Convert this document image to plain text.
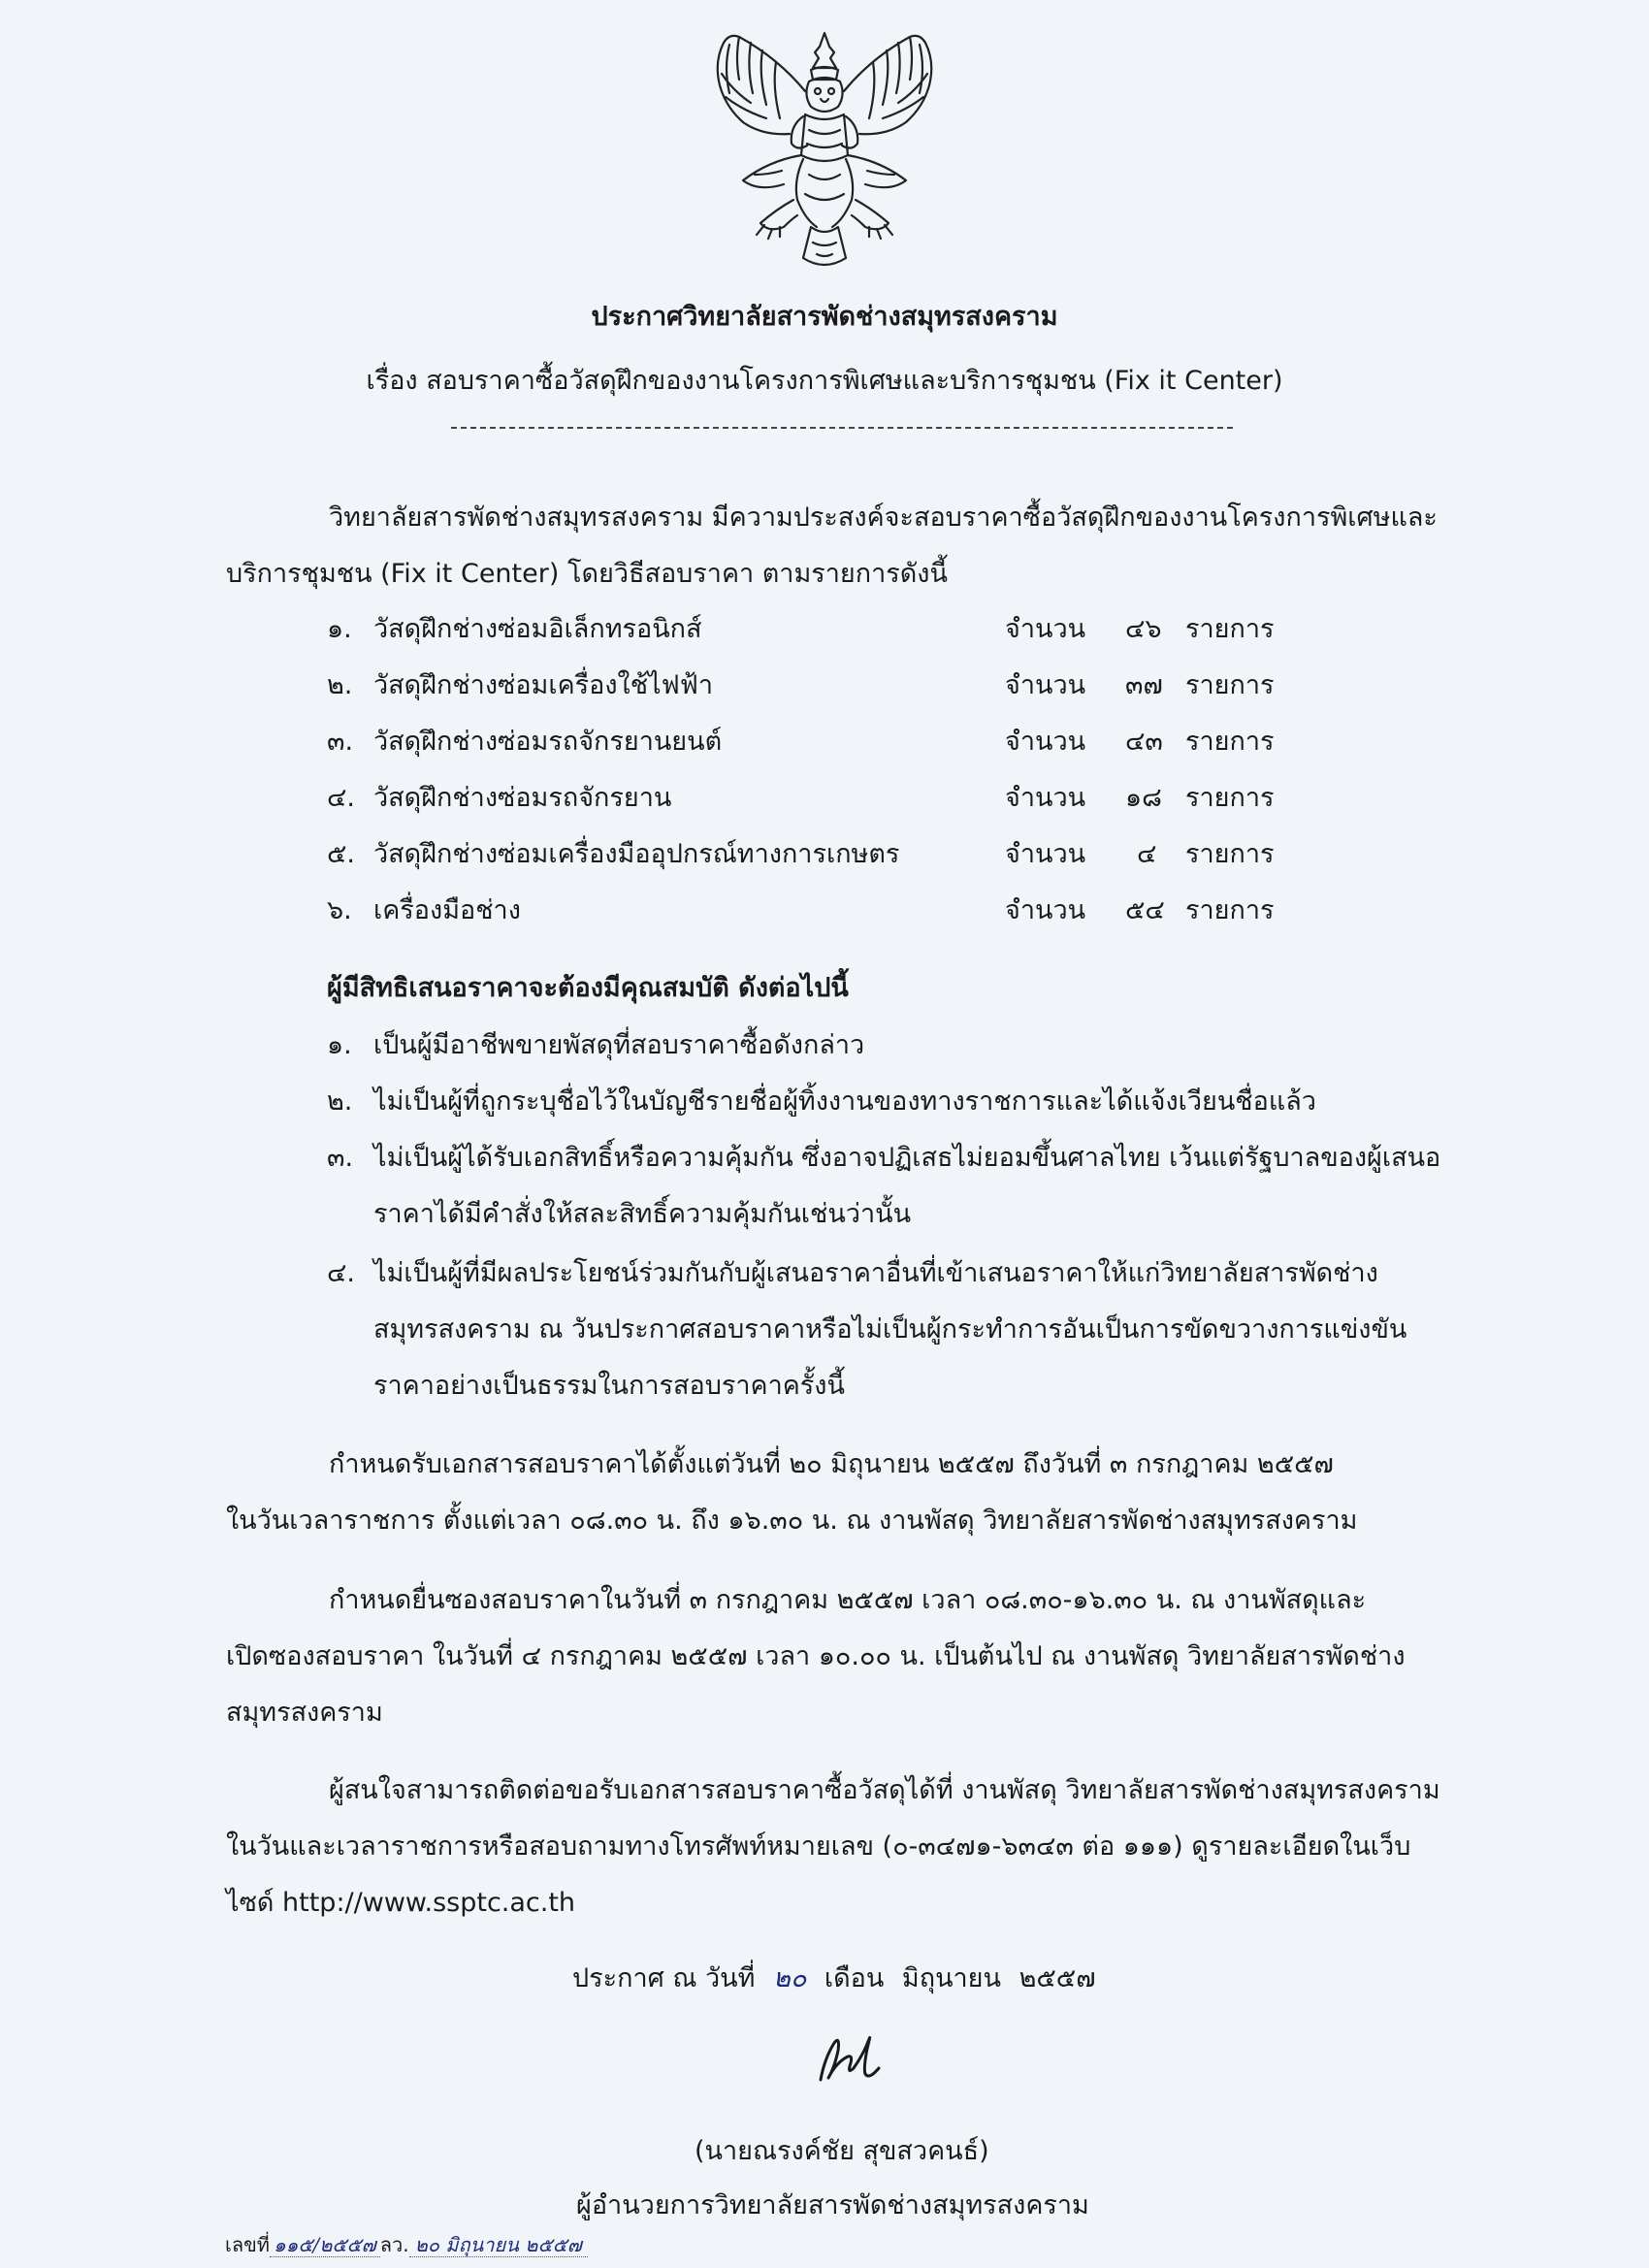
ประกาศวิทยาลัยสารพัดช่างสมุทรสงคราม
เรื่อง สอบราคาซื้อวัสดุฝึกของงานโครงการพิเศษและบริการชุมชน (Fix it Center)
วิทยาลัยสารพัดช่างสมุทรสงคราม มีความประสงค์จะสอบราคาซื้อวัสดุฝึกของงานโครงการพิเศษและ
บริการชุมชน (Fix it Center) โดยวิธีสอบราคา ตามรายการดังนี้
๑. วัสดุฝึกช่างซ่อมอิเล็กทรอนิกส์	จำนวน ๔๖ รายการ
๒. วัสดุฝึกช่างซ่อมเครื่องใช้ไฟฟ้า	จำนวน ๓๗ รายการ
๓. วัสดุฝึกช่างซ่อมรถจักรยานยนต์	จำนวน ๔๓ รายการ
๔. วัสดุฝึกช่างซ่อมรถจักรยาน	จำนวน ๑๘ รายการ
๕. วัสดุฝึกช่างซ่อมเครื่องมืออุปกรณ์ทางการเกษตร	จำนวน ๔ รายการ
๖. เครื่องมือช่าง	จำนวน ๕๔ รายการ
ผู้มีสิทธิเสนอราคาจะต้องมีคุณสมบัติ ดังต่อไปนี้
๑. เป็นผู้มีอาชีพขายพัสดุที่สอบราคาซื้อดังกล่าว
๒. ไม่เป็นผู้ที่ถูกระบุชื่อไว้ในบัญชีรายชื่อผู้ทิ้งงานของทางราชการและได้แจ้งเวียนชื่อแล้ว
๓. ไม่เป็นผู้ได้รับเอกสิทธิ์หรือความคุ้มกัน ซึ่งอาจปฏิเสธไม่ยอมขึ้นศาลไทย เว้นแต่รัฐบาลของผู้เสนอ
ราคาได้มีคำสั่งให้สละสิทธิ์ความคุ้มกันเช่นว่านั้น
๔. ไม่เป็นผู้ที่มีผลประโยชน์ร่วมกันกับผู้เสนอราคาอื่นที่เข้าเสนอราคาให้แก่วิทยาลัยสารพัดช่าง
สมุทรสงคราม ณ วันประกาศสอบราคาหรือไม่เป็นผู้กระทำการอันเป็นการขัดขวางการแข่งขัน
ราคาอย่างเป็นธรรมในการสอบราคาครั้งนี้
กำหนดรับเอกสารสอบราคาได้ตั้งแต่วันที่ ๒๐ มิถุนายน ๒๕๕๗ ถึงวันที่ ๓ กรกฎาคม ๒๕๕๗
ในวันเวลาราชการ ตั้งแต่เวลา ๐๘.๓๐ น. ถึง ๑๖.๓๐ น. ณ งานพัสดุ วิทยาลัยสารพัดช่างสมุทรสงคราม
กำหนดยื่นซองสอบราคาในวันที่ ๓ กรกฎาคม ๒๕๕๗ เวลา ๐๘.๓๐-๑๖.๓๐ น. ณ งานพัสดุและ
เปิดซองสอบราคา ในวันที่ ๔ กรกฎาคม ๒๕๕๗ เวลา ๑๐.๐๐ น. เป็นต้นไป ณ งานพัสดุ วิทยาลัยสารพัดช่าง
สมุทรสงคราม
ผู้สนใจสามารถติดต่อขอรับเอกสารสอบราคาซื้อวัสดุได้ที่ งานพัสดุ วิทยาลัยสารพัดช่างสมุทรสงคราม
ในวันและเวลาราชการหรือสอบถามทางโทรศัพท์หมายเลข (๐-๓๔๗๑-๖๓๔๓ ต่อ ๑๑๑) ดูรายละเอียดในเว็บ
ไซด์ http://www.ssptc.ac.th
ประกาศ ณ วันที่ ๒๐ เดือน มิถุนายน ๒๕๕๗
(นายณรงค์ชัย สุขสวคนธ์)
ผู้อำนวยการวิทยาลัยสารพัดช่างสมุทรสงคราม
เลขที่ ๑๑๕/๒๕๕๗ ลว. ๒๐ มิถุนายน ๒๕๕๗
